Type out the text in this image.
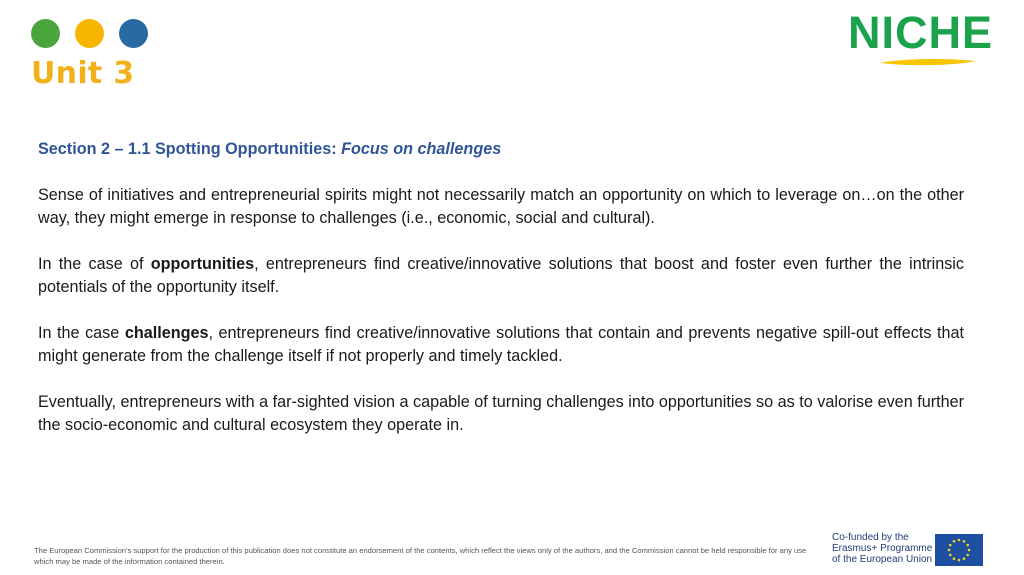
Unit 3
NICHE
Section 2 – 1.1 Spotting Opportunities: Focus on challenges

Sense of initiatives and entrepreneurial spirits might not necessarily match an opportunity on which to leverage on…on the other way, they might emerge in response to challenges (i.e., economic, social and cultural).

In the case of opportunities, entrepreneurs find creative/innovative solutions that boost and foster even further the intrinsic potentials of the opportunity itself.

In the case challenges, entrepreneurs find creative/innovative solutions that contain and prevents negative spill-out effects that might generate from the challenge itself if not properly and timely tackled.

Eventually, entrepreneurs with a far-sighted vision a capable of turning challenges into opportunities so as to valorise even further the socio-economic and cultural ecosystem they operate in.

The European Commission's support for the production of this publication does not constitute an endorsement of the contents, which reflect the views only of the authors, and the Commission cannot be held responsible for any use which may be made of the information contained therein.
Co-funded by the
Erasmus+ Programme
of the European Union
